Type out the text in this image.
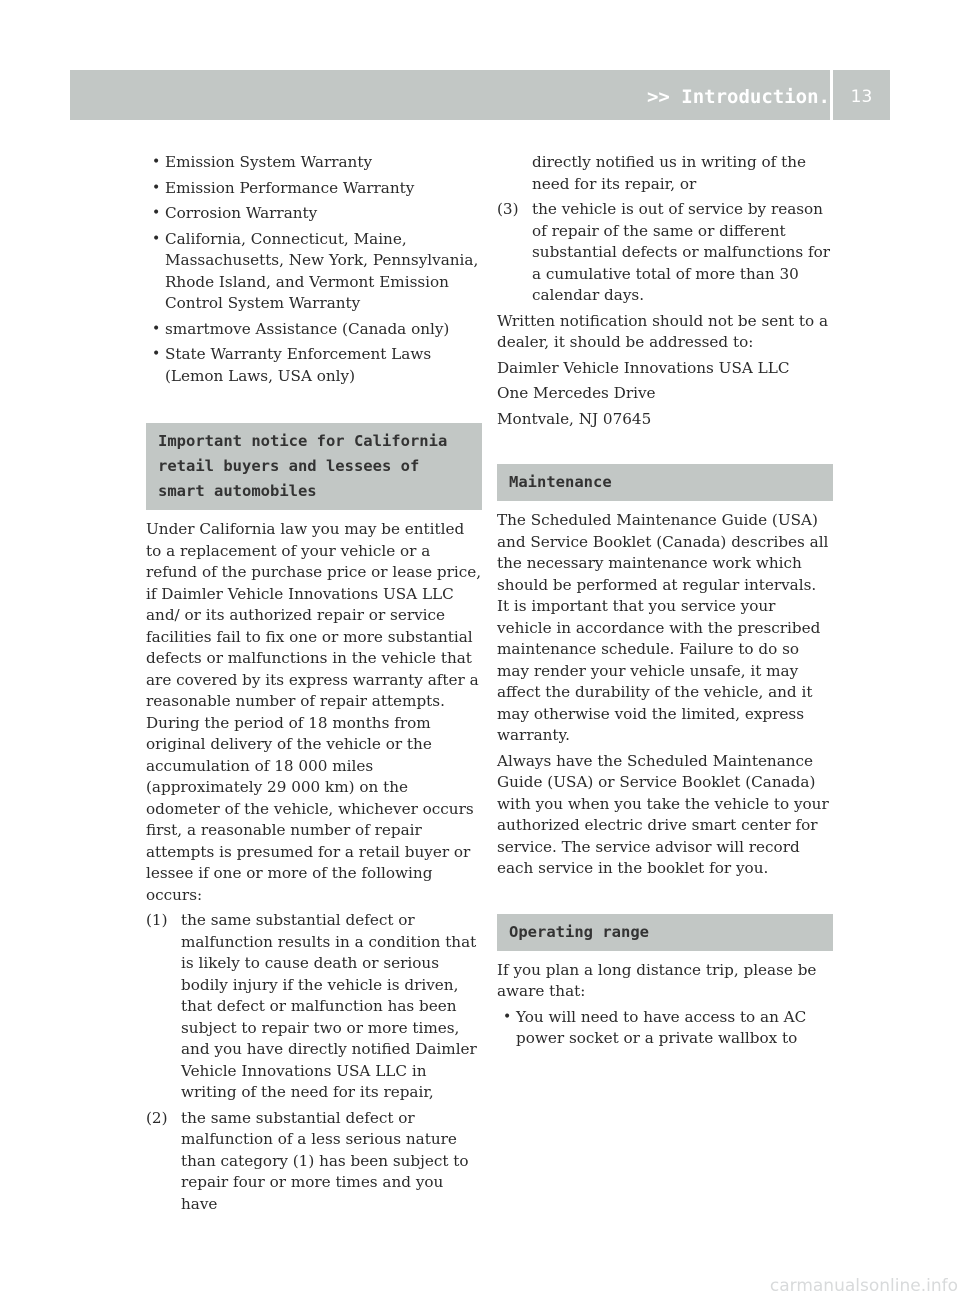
>> Introduction.	13
• Emission System Warranty
• Emission Performance Warranty
• Corrosion Warranty
• California, Connecticut, Maine, Massachusetts, New York, Pennsylvania, Rhode Island, and Vermont Emission Control System Warranty
• smartmove Assistance (Canada only)
• State Warranty Enforcement Laws (Lemon Laws, USA only)
Important notice for California retail buyers and lessees of smart automobiles

Under California law you may be entitled to a replacement of your vehicle or a refund of the purchase price or lease price, if Daimler Vehicle Innovations USA LLC and/ or its authorized repair or service facilities fail to fix one or more substantial defects or malfunctions in the vehicle that are covered by its express warranty after a reasonable number of repair attempts. During the period of 18 months from original delivery of the vehicle or the accumulation of 18 000 miles (approximately 29 000 km) on the odometer of the vehicle, whichever occurs first, a reasonable number of repair attempts is presumed for a retail buyer or lessee if one or more of the following occurs:

(1) the same substantial defect or malfunction results in a condition that is likely to cause death or serious bodily injury if the vehicle is driven, that defect or malfunction has been subject to repair two or more times, and you have directly notified Daimler Vehicle Innovations USA LLC in writing of the need for its repair,
(2) the same substantial defect or malfunction of a less serious nature than category (1) has been subject to repair four or more times and you have
directly notified us in writing of the need for its repair, or
(3) the vehicle is out of service by reason of repair of the same or different substantial defects or malfunctions for a cumulative total of more than 30 calendar days.

Written notification should not be sent to a dealer, it should be addressed to:

Daimler Vehicle Innovations USA LLC

One Mercedes Drive

Montvale, NJ 07645

Maintenance

The Scheduled Maintenance Guide (USA) and Service Booklet (Canada) describes all the necessary maintenance work which should be performed at regular intervals. It is important that you service your vehicle in accordance with the prescribed maintenance schedule. Failure to do so may render your vehicle unsafe, it may affect the durability of the vehicle, and it may otherwise void the limited, express warranty.

Always have the Scheduled Maintenance Guide (USA) or Service Booklet (Canada) with you when you take the vehicle to your authorized electric drive smart center for service. The service advisor will record each service in the booklet for you.

Operating range

If you plan a long distance trip, please be aware that:

• You will need to have access to an AC power socket or a private wallbox to
carmanualsonline.info
